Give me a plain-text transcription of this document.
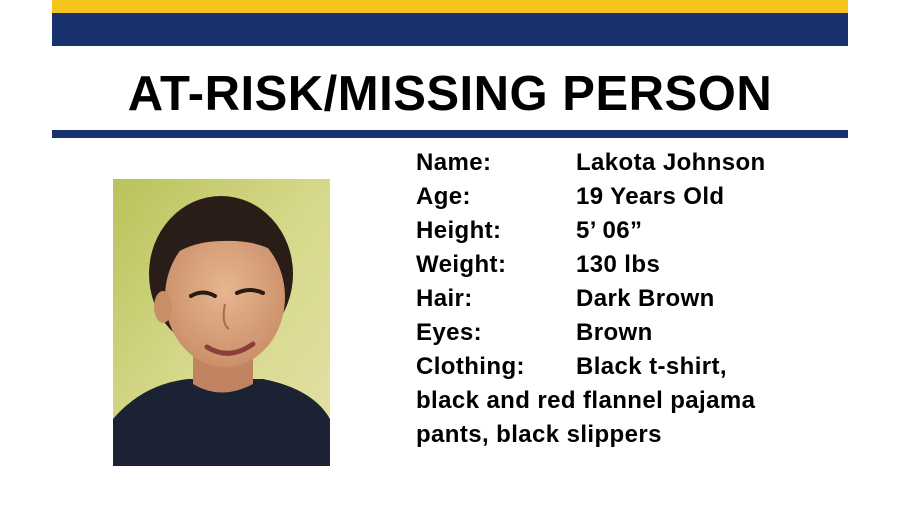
AT-RISK/MISSING PERSON
Name:	Lakota Johnson
Age:	19 Years Old
Height:	5’ 06”
Weight:	130 lbs
Hair:	Dark Brown
Eyes:	Brown
Clothing:	Black t-shirt,
black and red flannel pajama
pants, black slippers
